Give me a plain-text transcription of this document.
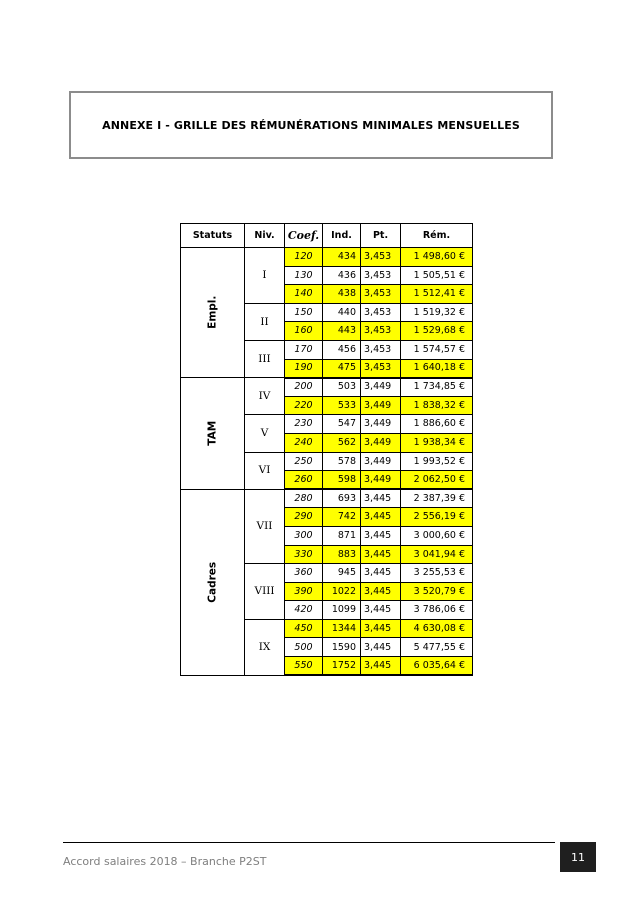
ANNEXE I - GRILLE DES RÉMUNÉRATIONS MINIMALES MENSUELLES
Statuts	Niv.	Coef.	Ind.	Pt.	Rém.

Empl.	I	120	434	3,453	1 498,60 €
		130	436	3,453	1 505,51 €
		140	438	3,453	1 512,41 €
	II	150	440	3,453	1 519,32 €
		160	443	3,453	1 529,68 €
	III	170	456	3,453	1 574,57 €
		190	475	3,453	1 640,18 €

TAM	IV	200	503	3,449	1 734,85 €
		220	533	3,449	1 838,32 €
	V	230	547	3,449	1 886,60 €
		240	562	3,449	1 938,34 €
	VI	250	578	3,449	1 993,52 €
		260	598	3,449	2 062,50 €

Cadres	VII	280	693	3,445	2 387,39 €
		290	742	3,445	2 556,19 €
		300	871	3,445	3 000,60 €
		330	883	3,445	3 041,94 €
	VIII	360	945	3,445	3 255,53 €
		390	1022	3,445	3 520,79 €
		420	1099	3,445	3 786,06 €
	IX	450	1344	3,445	4 630,08 €
		500	1590	3,445	5 477,55 €
		550	1752	3,445	6 035,64 €
Accord salaires 2018 – Branche P2ST	11
